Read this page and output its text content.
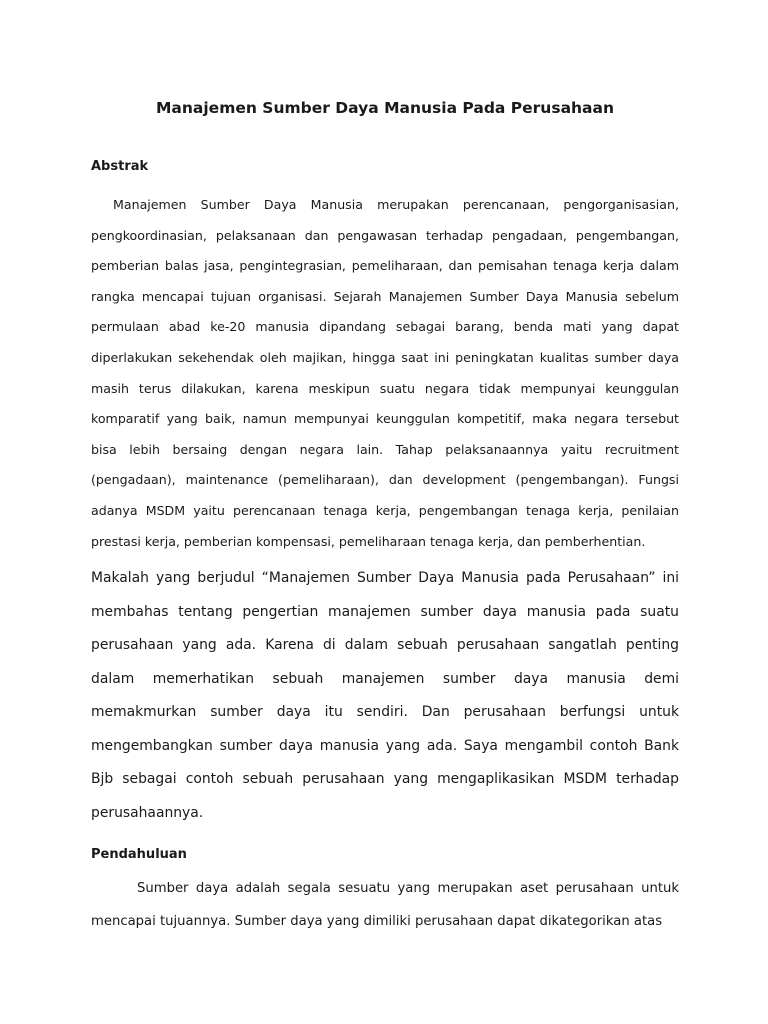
Manajemen Sumber Daya Manusia Pada Perusahaan
Abstrak

Manajemen Sumber Daya Manusia merupakan perencanaan, pengorganisasian, pengkoordinasian, pelaksanaan dan pengawasan terhadap pengadaan, pengembangan, pemberian balas jasa, pengintegrasian, pemeliharaan, dan pemisahan tenaga kerja dalam rangka mencapai tujuan organisasi. Sejarah Manajemen Sumber Daya Manusia sebelum permulaan abad ke-20 manusia dipandang sebagai barang, benda mati yang dapat diperlakukan sekehendak oleh majikan, hingga saat ini peningkatan kualitas sumber daya masih terus dilakukan, karena meskipun suatu negara tidak mempunyai keunggulan komparatif yang baik, namun mempunyai keunggulan kompetitif, maka negara tersebut bisa lebih bersaing dengan negara lain. Tahap pelaksanaannya yaitu recruitment (pengadaan), maintenance (pemeliharaan), dan development (pengembangan). Fungsi adanya MSDM yaitu perencanaan tenaga kerja, pengembangan tenaga kerja, penilaian prestasi kerja, pemberian kompensasi, pemeliharaan tenaga kerja, dan pemberhentian.

Makalah yang berjudul “Manajemen Sumber Daya Manusia pada Perusahaan” ini membahas tentang pengertian manajemen sumber daya manusia pada suatu perusahaan yang ada. Karena di dalam sebuah perusahaan sangatlah penting dalam memerhatikan sebuah manajemen sumber daya manusia demi memakmurkan sumber daya itu sendiri. Dan perusahaan berfungsi untuk mengembangkan sumber daya manusia yang ada. Saya mengambil contoh Bank Bjb sebagai contoh sebuah perusahaan yang mengaplikasikan MSDM terhadap perusahaannya.

Pendahuluan

Sumber daya adalah segala sesuatu yang merupakan aset perusahaan untuk mencapai tujuannya. Sumber daya yang dimiliki perusahaan dapat dikategorikan atas
